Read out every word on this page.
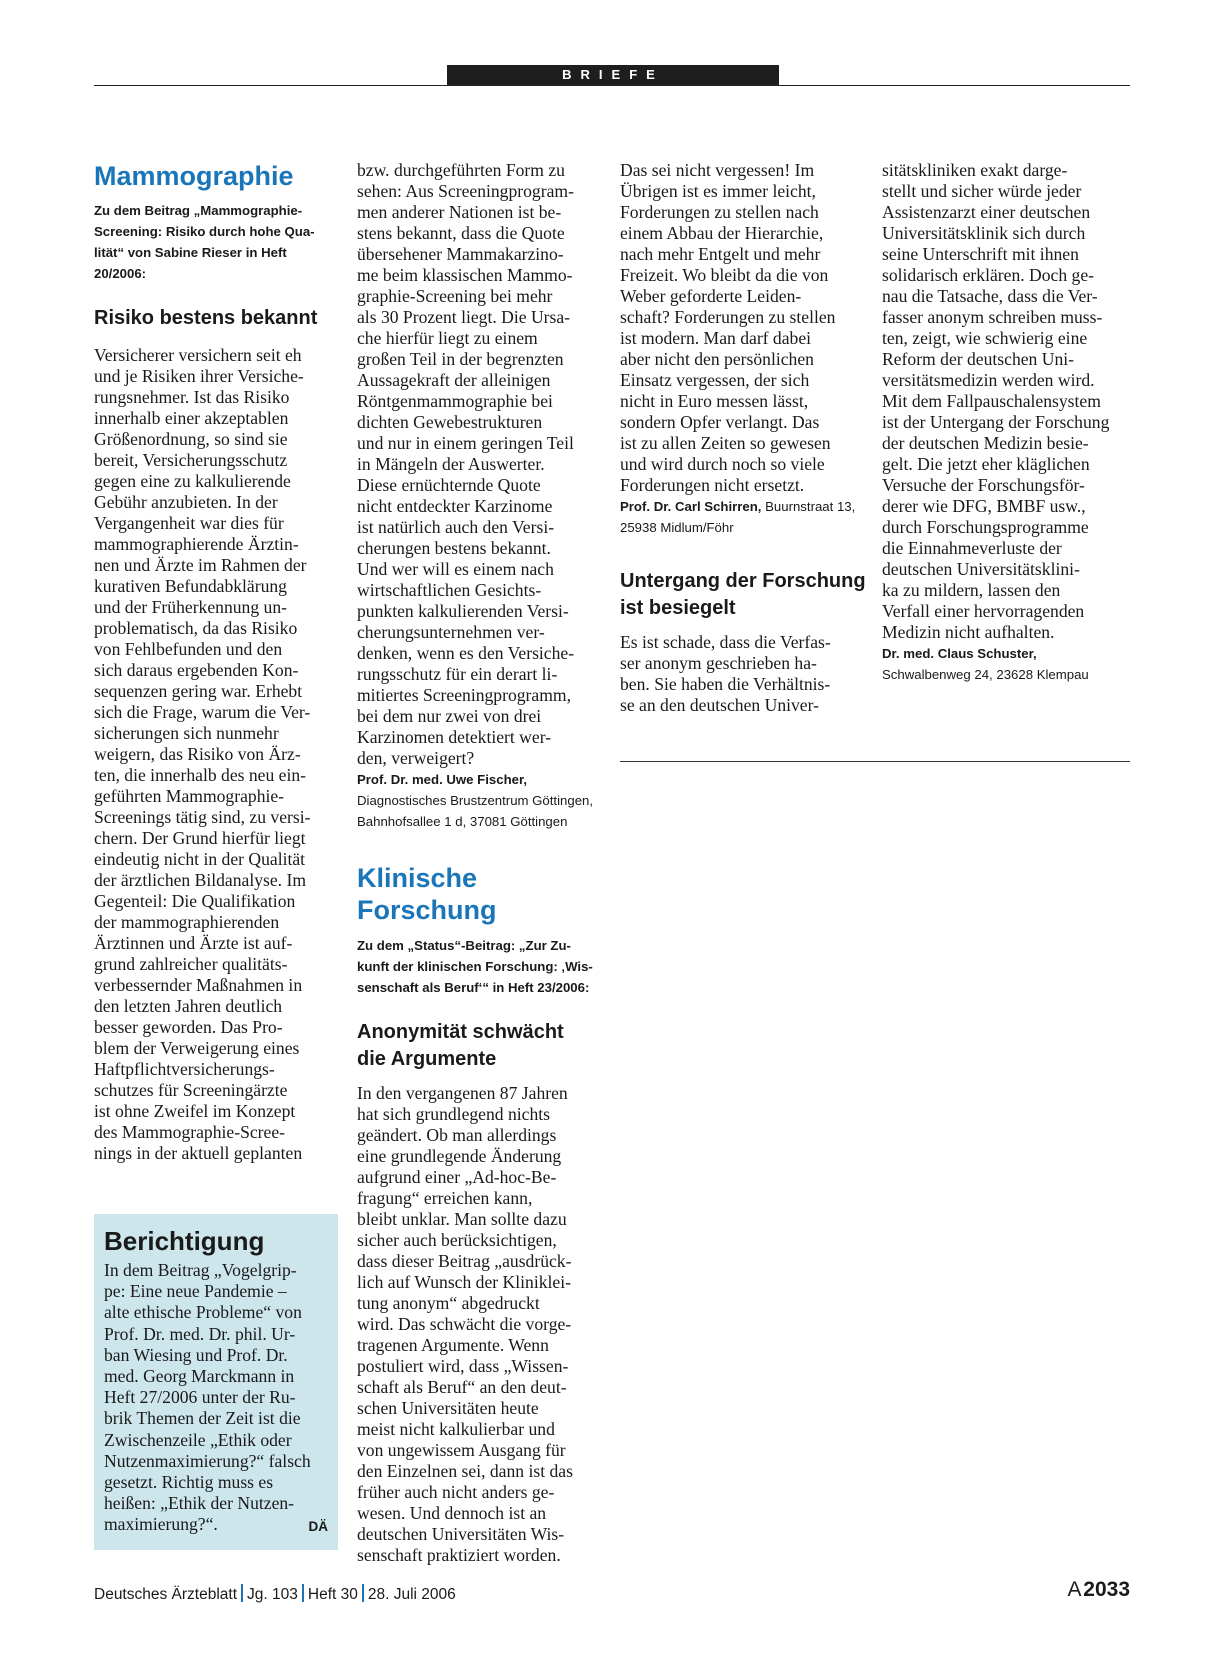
BRIEFE
Mammographie

Zu dem Beitrag „Mammographie-
Screening: Risiko durch hohe Qua-
lität“ von Sabine Rieser in Heft
20/2006:

Risiko bestens bekannt

Versicherer versichern seit eh
und je Risiken ihrer Versiche-
rungsnehmer. Ist das Risiko
innerhalb einer akzeptablen
Größenordnung, so sind sie
bereit, Versicherungsschutz
gegen eine zu kalkulierende
Gebühr anzubieten. In der
Vergangenheit war dies für
mammographierende Ärztin-
nen und Ärzte im Rahmen der
kurativen Befundabklärung
und der Früherkennung un-
problematisch, da das Risiko
von Fehlbefunden und den
sich daraus ergebenden Kon-
sequenzen gering war. Erhebt
sich die Frage, warum die Ver-
sicherungen sich nunmehr
weigern, das Risiko von Ärz-
ten, die innerhalb des neu ein-
geführten Mammographie-
Screenings tätig sind, zu versi-
chern. Der Grund hierfür liegt
eindeutig nicht in der Qualität
der ärztlichen Bildanalyse. Im
Gegenteil: Die Qualifikation
der mammographierenden
Ärztinnen und Ärzte ist auf-
grund zahlreicher qualitäts-
verbessernder Maßnahmen in
den letzten Jahren deutlich
besser geworden. Das Pro-
blem der Verweigerung eines
Haftpflichtversicherungs-
schutzes für Screeningärzte
ist ohne Zweifel im Konzept
des Mammographie-Scree-
nings in der aktuell geplanten

Berichtigung

In dem Beitrag „Vogelgrip-
pe: Eine neue Pandemie –
alte ethische Probleme“ von
Prof. Dr. med. Dr. phil. Ur-
ban Wiesing und Prof. Dr.
med. Georg Marckmann in
Heft 27/2006 unter der Ru-
brik Themen der Zeit ist die
Zwischenzeile „Ethik oder
Nutzenmaximierung?“ falsch
gesetzt. Richtig muss es
heißen: „Ethik der Nutzen-

maximierung?“.	DÄ

bzw. durchgeführten Form zu
sehen: Aus Screeningprogram-
men anderer Nationen ist be-
stens bekannt, dass die Quote
übersehener Mammakarzino-
me beim klassischen Mammo-
graphie-Screening bei mehr
als 30 Prozent liegt. Die Ursa-
che hierfür liegt zu einem
großen Teil in der begrenzten
Aussagekraft der alleinigen
Röntgenmammographie bei
dichten Gewebestrukturen
und nur in einem geringen Teil
in Mängeln der Auswerter.
Diese ernüchternde Quote
nicht entdeckter Karzinome
ist natürlich auch den Versi-
cherungen bestens bekannt.
Und wer will es einem nach
wirtschaftlichen Gesichts-
punkten kalkulierenden Versi-
cherungsunternehmen ver-
denken, wenn es den Versiche-
rungsschutz für ein derart li-
mitiertes Screeningprogramm,
bei dem nur zwei von drei
Karzinomen detektiert wer-
den, verweigert?

Prof. Dr. med. Uwe Fischer,
Diagnostisches Brustzentrum Göttingen,
Bahnhofsallee 1 d, 37081 Göttingen

Klinische Forschung

Zu dem „Status“-Beitrag: „Zur Zu-
kunft der klinischen Forschung: ‚Wis-
senschaft als Beruf‘“ in Heft 23/2006:

Anonymität schwächt
die Argumente

In den vergangenen 87 Jahren
hat sich grundlegend nichts
geändert. Ob man allerdings
eine grundlegende Änderung
aufgrund einer „Ad-hoc-Be-
fragung“ erreichen kann,
bleibt unklar. Man sollte dazu
sicher auch berücksichtigen,
dass dieser Beitrag „ausdrück-
lich auf Wunsch der Kliniklei-
tung anonym“ abgedruckt
wird. Das schwächt die vorge-
tragenen Argumente. Wenn
postuliert wird, dass „Wissen-
schaft als Beruf“ an den deut-
schen Universitäten heute
meist nicht kalkulierbar und
von ungewissem Ausgang für
den Einzelnen sei, dann ist das
früher auch nicht anders ge-
wesen. Und dennoch ist an
deutschen Universitäten Wis-
senschaft praktiziert worden.

Das sei nicht vergessen! Im
Übrigen ist es immer leicht,
Forderungen zu stellen nach
einem Abbau der Hierarchie,
nach mehr Entgelt und mehr
Freizeit. Wo bleibt da die von
Weber geforderte Leiden-
schaft? Forderungen zu stellen
ist modern. Man darf dabei
aber nicht den persönlichen
Einsatz vergessen, der sich
nicht in Euro messen lässt,
sondern Opfer verlangt. Das
ist zu allen Zeiten so gewesen
und wird durch noch so viele
Forderungen nicht ersetzt.

Prof. Dr. Carl Schirren, Buurnstraat 13,
25938 Midlum/Föhr

Untergang der Forschung
ist besiegelt

Es ist schade, dass die Verfas-
ser anonym geschrieben ha-
ben. Sie haben die Verhältnis-
se an den deutschen Univer-

sitätskliniken exakt darge-
stellt und sicher würde jeder
Assistenzarzt einer deutschen
Universitätsklinik sich durch
seine Unterschrift mit ihnen
solidarisch erklären. Doch ge-
nau die Tatsache, dass die Ver-
fasser anonym schreiben muss-
ten, zeigt, wie schwierig eine
Reform der deutschen Uni-
versitätsmedizin werden wird.
Mit dem Fallpauschalensystem
ist der Untergang der Forschung
der deutschen Medizin besie-
gelt. Die jetzt eher kläglichen
Versuche der Forschungsför-
derer wie DFG, BMBF usw.,
durch Forschungsprogramme
die Einnahmeverluste der
deutschen Universitätsklini-
ka zu mildern, lassen den
Verfall einer hervorragenden
Medizin nicht aufhalten.

Dr. med. Claus Schuster,
Schwalbenweg 24, 23628 Klempau

Deutsches Ärzteblatt Jg. 103 Heft 30 28. Juli 2006	A 2033
